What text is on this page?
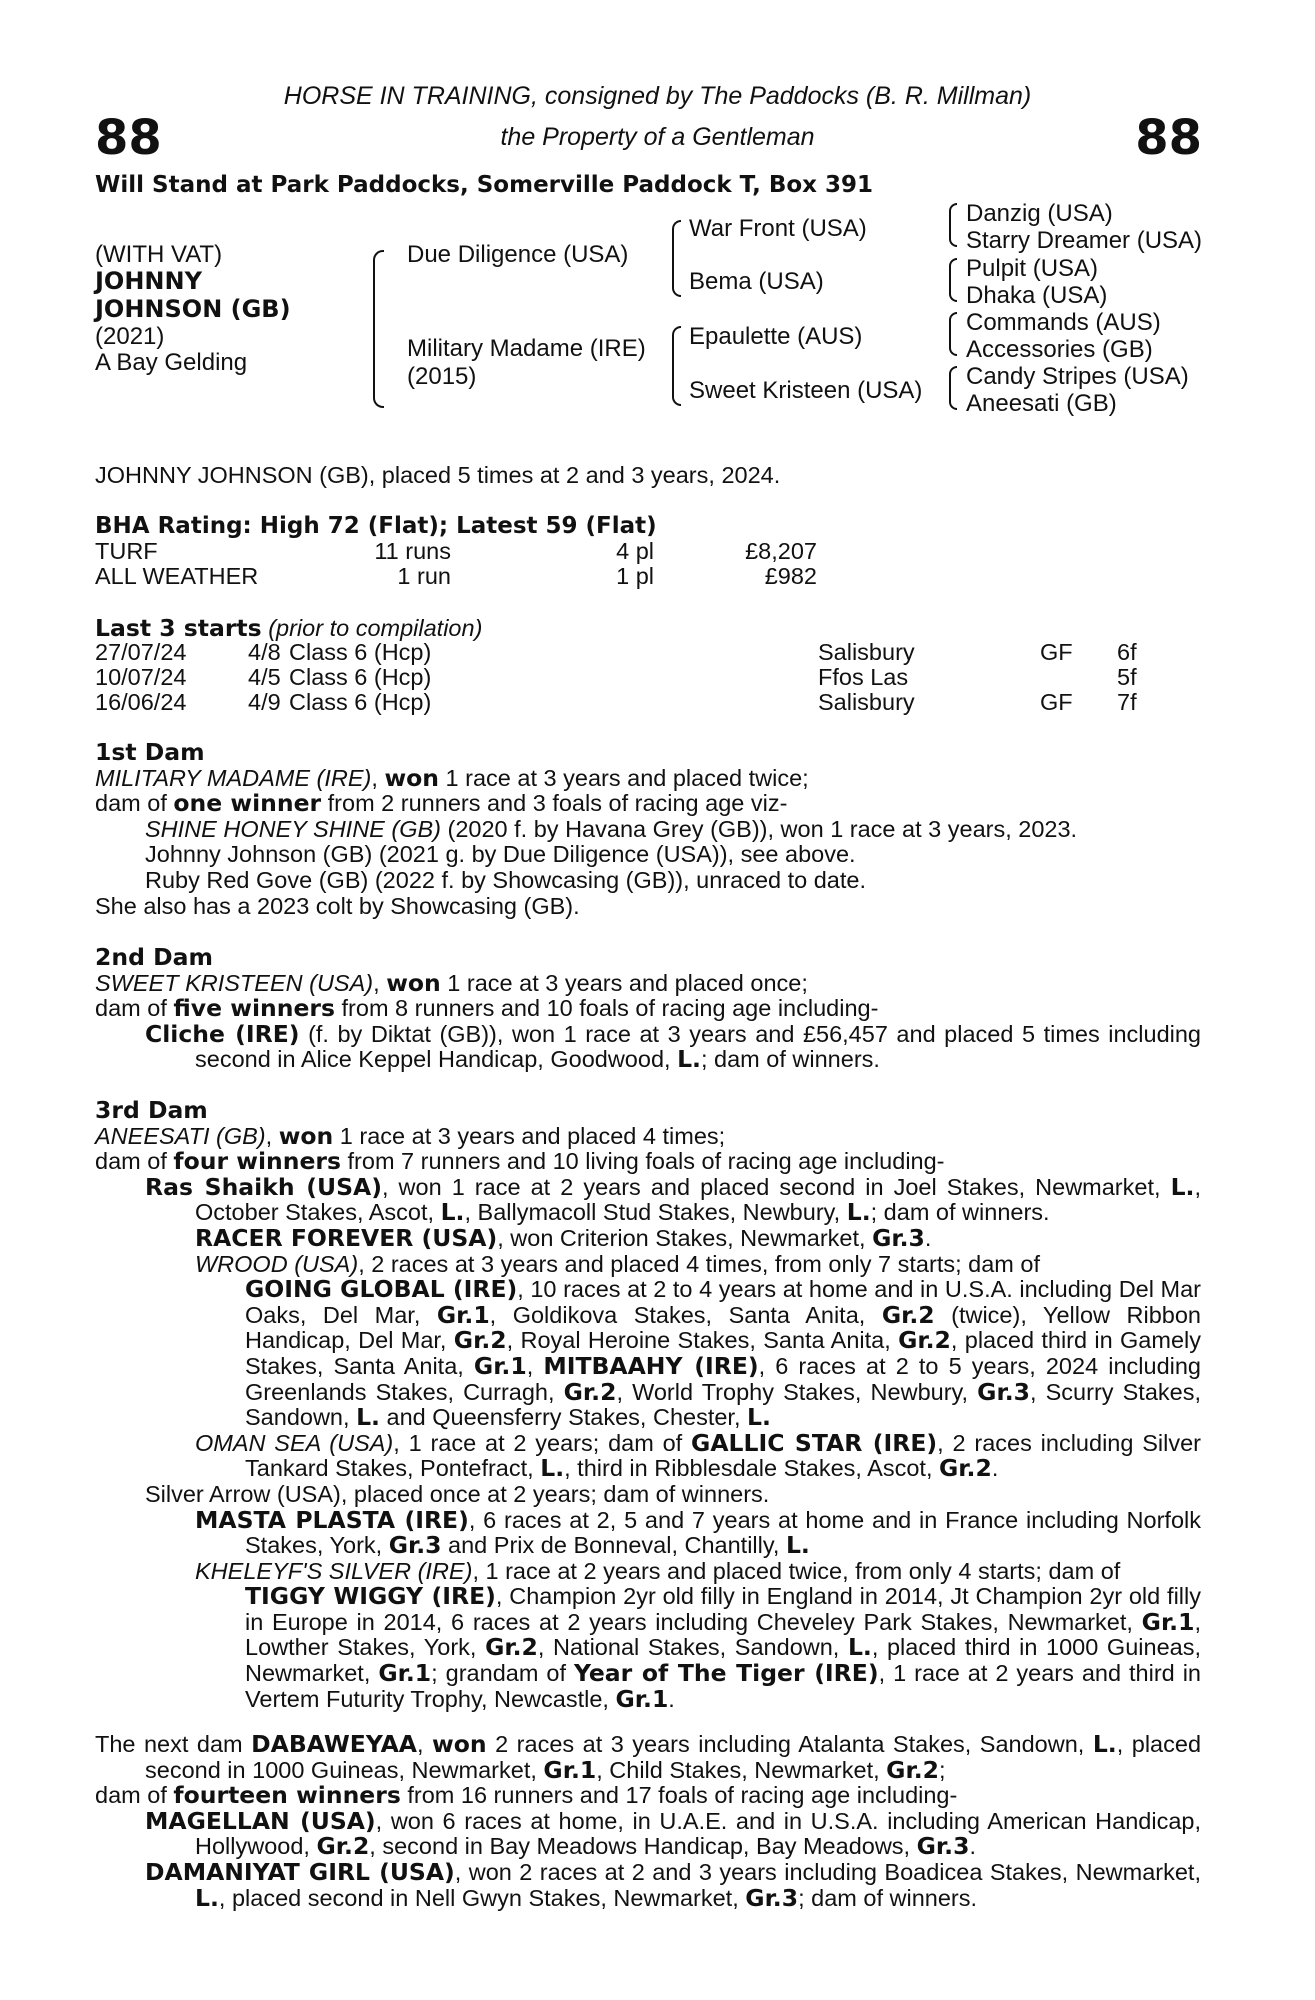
88	88
HORSE IN TRAINING, consigned by The Paddocks (B. R. Millman)
the Property of a Gentleman
Will Stand at Park Paddocks, Somerville Paddock T, Box 391
(WITH VAT)
JOHNNY
JOHNSON (GB)
(2021)
A Bay Gelding
Due Diligence (USA)
Military Madame (IRE)
(2015)
War Front (USA)
Bema (USA)
Epaulette (AUS)
Sweet Kristeen (USA)
Danzig (USA)
Starry Dreamer (USA)
Pulpit (USA)
Dhaka (USA)
Commands (AUS)
Accessories (GB)
Candy Stripes (USA)
Aneesati (GB)
JOHNNY JOHNSON (GB), placed 5 times at 2 and 3 years, 2024.
BHA Rating: High 72 (Flat); Latest 59 (Flat)
TURF	11 runs	4 pl	£8,207
ALL WEATHER	1 run	1 pl	£982
Last 3 starts (prior to compilation)
27/07/24	4/8 Class 6 (Hcp)	Salisbury	GF 6f
10/07/24	4/5 Class 6 (Hcp)	Ffos Las	5f
16/06/24	4/9 Class 6 (Hcp)	Salisbury	GF 7f

1st Dam

MILITARY MADAME (IRE), won 1 race at 3 years and placed twice;

dam of one winner from 2 runners and 3 foals of racing age viz-

SHINE HONEY SHINE (GB) (2020 f. by Havana Grey (GB)), won 1 race at 3 years, 2023.

Johnny Johnson (GB) (2021 g. by Due Diligence (USA)), see above.

Ruby Red Gove (GB) (2022 f. by Showcasing (GB)), unraced to date.

She also has a 2023 colt by Showcasing (GB).

2nd Dam

SWEET KRISTEEN (USA), won 1 race at 3 years and placed once;

dam of five winners from 8 runners and 10 foals of racing age including-

Cliche (IRE) (f. by Diktat (GB)), won 1 race at 3 years and £56,457 and placed 5 times including second in Alice Keppel Handicap, Goodwood, L.; dam of winners.

3rd Dam

ANEESATI (GB), won 1 race at 3 years and placed 4 times;

dam of four winners from 7 runners and 10 living foals of racing age including-

Ras Shaikh (USA), won 1 race at 2 years and placed second in Joel Stakes, Newmarket, L., October Stakes, Ascot, L., Ballymacoll Stud Stakes, Newbury, L.; dam of winners.

RACER FOREVER (USA), won Criterion Stakes, Newmarket, Gr.3.

WROOD (USA), 2 races at 3 years and placed 4 times, from only 7 starts; dam of

GOING GLOBAL (IRE), 10 races at 2 to 4 years at home and in U.S.A. including Del Mar Oaks, Del Mar, Gr.1, Goldikova Stakes, Santa Anita, Gr.2 (twice), Yellow Ribbon Handicap, Del Mar, Gr.2, Royal Heroine Stakes, Santa Anita, Gr.2, placed third in Gamely Stakes, Santa Anita, Gr.1, MITBAAHY (IRE), 6 races at 2 to 5 years, 2024 including Greenlands Stakes, Curragh, Gr.2, World Trophy Stakes, Newbury, Gr.3, Scurry Stakes, Sandown, L. and Queensferry Stakes, Chester, L.

OMAN SEA (USA), 1 race at 2 years; dam of GALLIC STAR (IRE), 2 races including Silver Tankard Stakes, Pontefract, L., third in Ribblesdale Stakes, Ascot, Gr.2.

Silver Arrow (USA), placed once at 2 years; dam of winners.

MASTA PLASTA (IRE), 6 races at 2, 5 and 7 years at home and in France including Norfolk Stakes, York, Gr.3 and Prix de Bonneval, Chantilly, L.

KHELEYF'S SILVER (IRE), 1 race at 2 years and placed twice, from only 4 starts; dam of

TIGGY WIGGY (IRE), Champion 2yr old filly in England in 2014, Jt Champion 2yr old filly in Europe in 2014, 6 races at 2 years including Cheveley Park Stakes, Newmarket, Gr.1, Lowther Stakes, York, Gr.2, National Stakes, Sandown, L., placed third in 1000 Guineas, Newmarket, Gr.1; grandam of Year of The Tiger (IRE), 1 race at 2 years and third in Vertem Futurity Trophy, Newcastle, Gr.1.

The next dam DABAWEYAA, won 2 races at 3 years including Atalanta Stakes, Sandown, L., placed second in 1000 Guineas, Newmarket, Gr.1, Child Stakes, Newmarket, Gr.2;

dam of fourteen winners from 16 runners and 17 foals of racing age including-

MAGELLAN (USA), won 6 races at home, in U.A.E. and in U.S.A. including American Handicap, Hollywood, Gr.2, second in Bay Meadows Handicap, Bay Meadows, Gr.3.

DAMANIYAT GIRL (USA), won 2 races at 2 and 3 years including Boadicea Stakes, Newmarket, L., placed second in Nell Gwyn Stakes, Newmarket, Gr.3; dam of winners.
